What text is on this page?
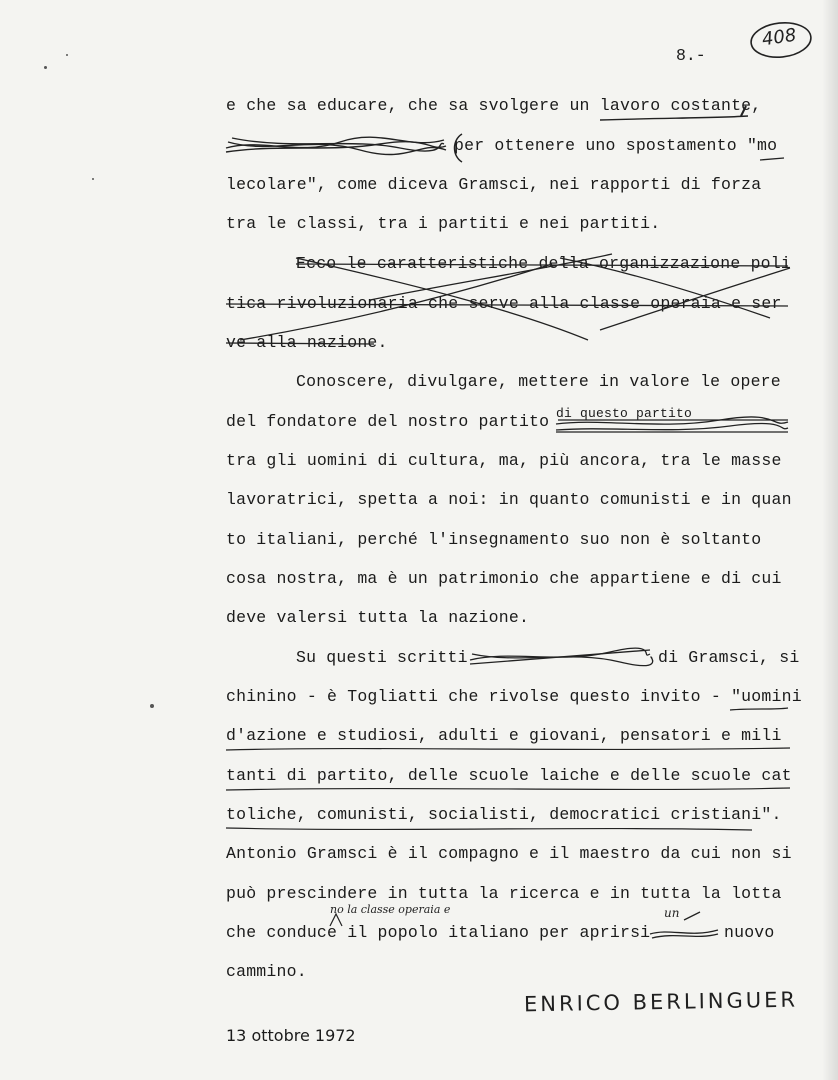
8.-
408
e che sa educare, che sa svolgere un lavoro costante,
per ottenere uno spostamento "mo
lecolare", come diceva Gramsci, nei rapporti di forza
tra le classi, tra i partiti e nei partiti.
Ecco le caratteristiche della organizzazione poli
tica rivoluzionaria che serve alla classe operaia e ser
ve alla nazione.
Conoscere, divulgare, mettere in valore le opere
del fondatore del nostro partito di questo partito
tra gli uomini di cultura, ma, più ancora, tra le masse
lavoratrici, spetta a noi: in quanto comunisti e in quan
to italiani, perché l'insegnamento suo non è soltanto
cosa nostra, ma è un patrimonio che appartiene e di cui
deve valersi tutta la nazione.
Su questi scritti	di Gramsci, si
chinino - è Togliatti che rivolse questo invito - "uomini
d'azione e studiosi, adulti e giovani, pensatori e mili
tanti di partito, delle scuole laiche e delle scuole cat
toliche, comunisti, socialisti, democratici cristiani".
Antonio Gramsci è il compagno e il maestro da cui non si
può prescindere in tutta la ricerca e in tutta la lotta
che conduce il popolo italiano per aprirsi	nuovo
cammino.
no la classe operaia e	un
ENRICO BERLINGUER
13 ottobre 1972
